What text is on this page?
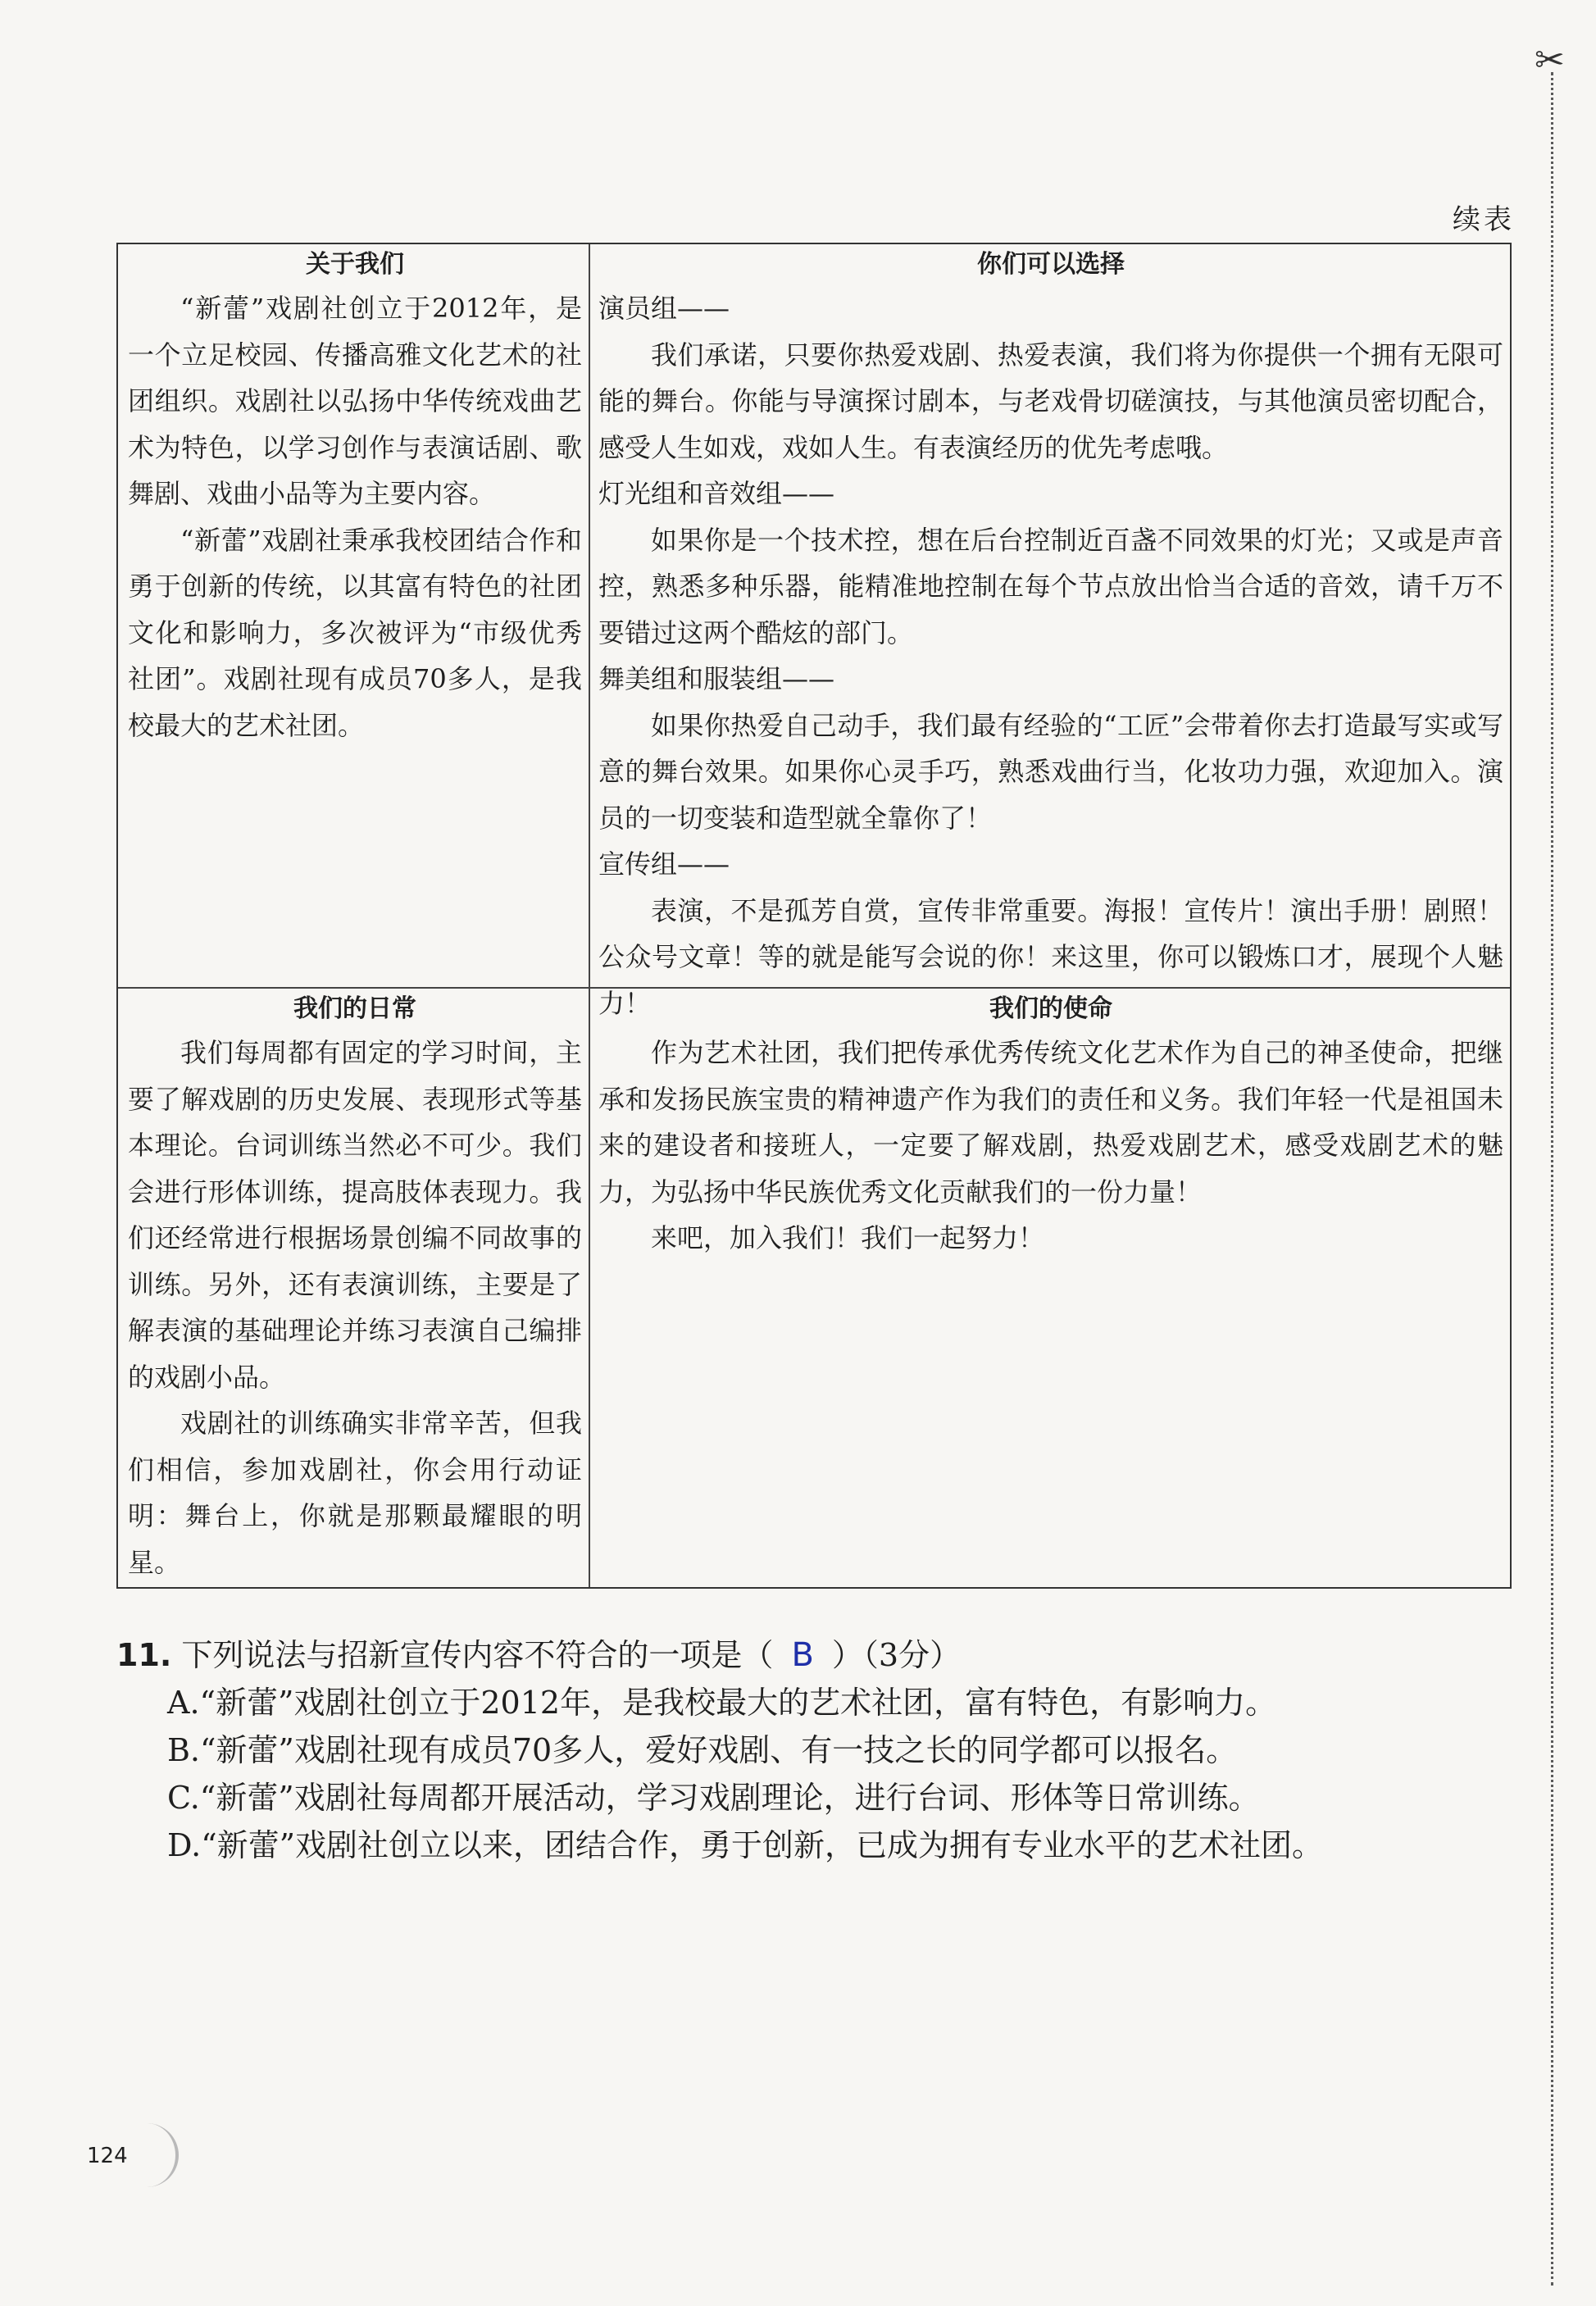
✂
续表
关于我们

“新蕾”戏剧社创立于2012年，是一个立足校园、传播高雅文化艺术的社团组织。戏剧社以弘扬中华传统戏曲艺术为特色，以学习创作与表演话剧、歌舞剧、戏曲小品等为主要内容。

“新蕾”戏剧社秉承我校团结合作和勇于创新的传统，以其富有特色的社团文化和影响力，多次被评为“市级优秀社团”。戏剧社现有成员70多人，是我校最大的艺术社团。

你们可以选择

演员组——

我们承诺，只要你热爱戏剧、热爱表演，我们将为你提供一个拥有无限可能的舞台。你能与导演探讨剧本，与老戏骨切磋演技，与其他演员密切配合，感受人生如戏，戏如人生。有表演经历的优先考虑哦。

灯光组和音效组——

如果你是一个技术控，想在后台控制近百盏不同效果的灯光；又或是声音控，熟悉多种乐器，能精准地控制在每个节点放出恰当合适的音效，请千万不要错过这两个酷炫的部门。

舞美组和服装组——

如果你热爱自己动手，我们最有经验的“工匠”会带着你去打造最写实或写意的舞台效果。如果你心灵手巧，熟悉戏曲行当，化妆功力强，欢迎加入。演员的一切变装和造型就全靠你了！

宣传组——

表演，不是孤芳自赏，宣传非常重要。海报！宣传片！演出手册！剧照！公众号文章！等的就是能写会说的你！来这里，你可以锻炼口才，展现个人魅力！

我们的日常

我们每周都有固定的学习时间，主要了解戏剧的历史发展、表现形式等基本理论。台词训练当然必不可少。我们会进行形体训练，提高肢体表现力。我们还经常进行根据场景创编不同故事的训练。另外，还有表演训练，主要是了解表演的基础理论并练习表演自己编排的戏剧小品。

戏剧社的训练确实非常辛苦，但我们相信，参加戏剧社，你会用行动证明：舞台上，你就是那颗最耀眼的明星。

我们的使命

作为艺术社团，我们把传承优秀传统文化艺术作为自己的神圣使命，把继承和发扬民族宝贵的精神遗产作为我们的责任和义务。我们年轻一代是祖国未来的建设者和接班人，一定要了解戏剧，热爱戏剧艺术，感受戏剧艺术的魅力，为弘扬中华民族优秀文化贡献我们的一份力量！

来吧，加入我们！我们一起努力！

11. 下列说法与招新宣传内容不符合的一项是（ B ）（3分）
A.“新蕾”戏剧社创立于2012年，是我校最大的艺术社团，富有特色，有影响力。
B.“新蕾”戏剧社现有成员70多人，爱好戏剧、有一技之长的同学都可以报名。
C.“新蕾”戏剧社每周都开展活动，学习戏剧理论，进行台词、形体等日常训练。
D.“新蕾”戏剧社创立以来，团结合作，勇于创新，已成为拥有专业水平的艺术社团。
124
